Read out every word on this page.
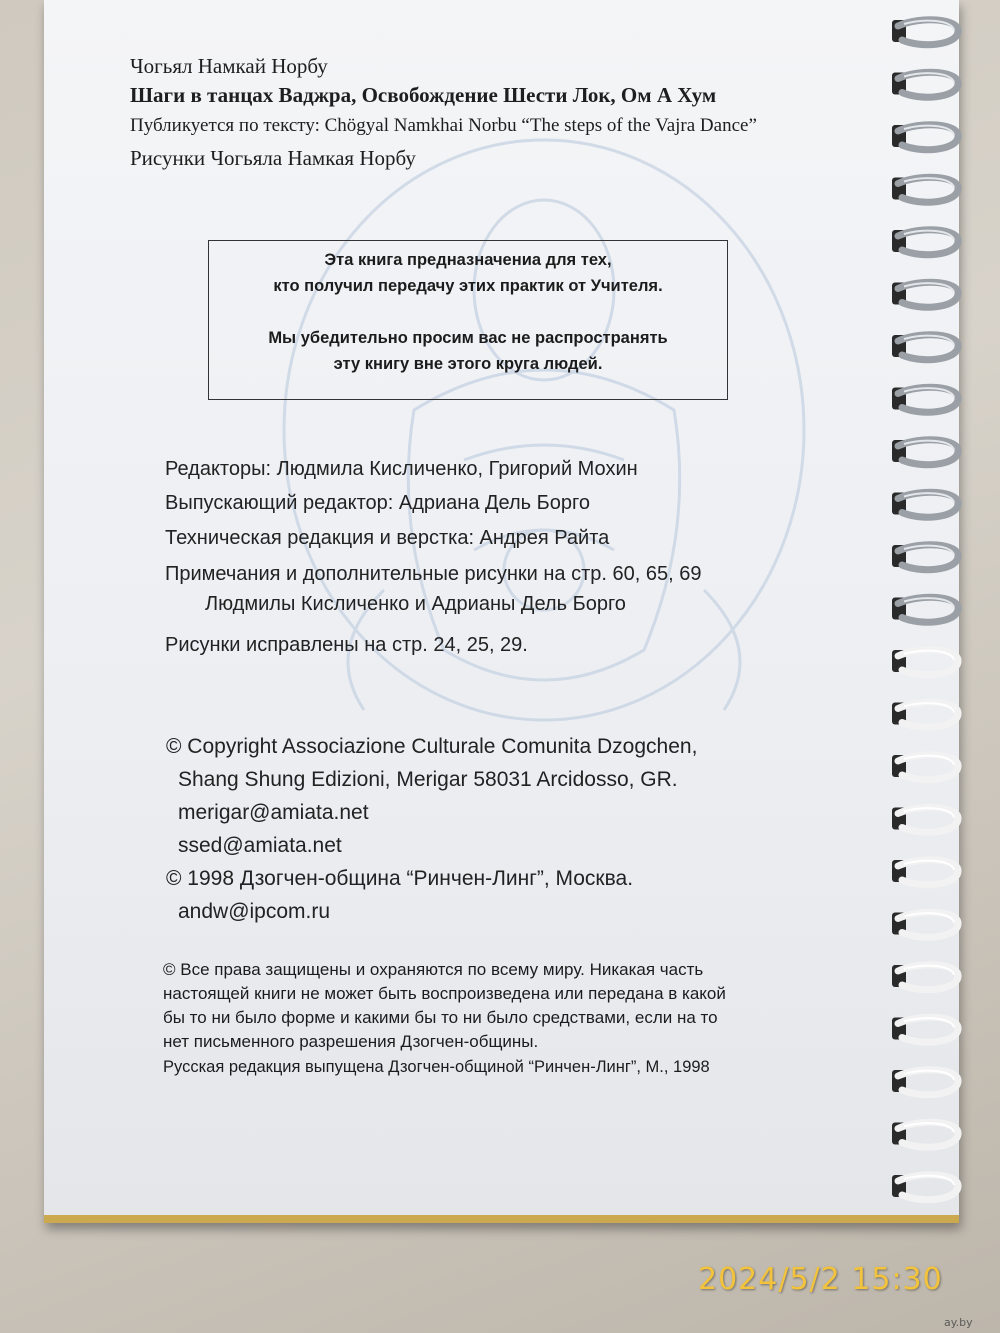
Чогьял Намкай Норбу
Шаги в танцах Ваджра, Освобождение Шести Лок, Ом А Хум
Публикуется по тексту: Chögyal Namkhai Norbu “The steps of the Vajra Dance”
Рисунки Чогьяла Намкая Норбу

Эта книга предназначениа для тех,

кто получил передачу этих практик от Учителя.

Мы убедительно просим вас не распространять

эту книгу вне этого круга людей.

Редакторы: Людмила Кисличенко, Григорий Мохин
Выпускающий редактор: Адриана Дель Борго
Техническая редакция и верстка: Андрея Райта
Примечания и дополнительные рисунки на стр. 60, 65, 69
Людмилы Кисличенко и Адрианы Дель Борго
Рисунки исправлены на стр. 24, 25, 29.
© Copyright Associazione Culturale Comunita Dzogchen,
Shang Shung Edizioni, Merigar 58031 Arcidosso, GR.
merigar@amiata.net
ssed@amiata.net
© 1998 Дзогчен-община “Ринчен-Линг”, Москва.
andw@ipcom.ru
© Все права защищены и охраняются по всему миру. Никакая часть
настоящей книги не может быть воспроизведена или передана в какой
бы то ни было форме и какими бы то ни было средствами, если на то
нет письменного разрешения Дзогчен-общины.
Русская редакция выпущена Дзогчен-общиной “Ринчен-Линг”, М., 1998
2024/5/2 15:30
ay.by
